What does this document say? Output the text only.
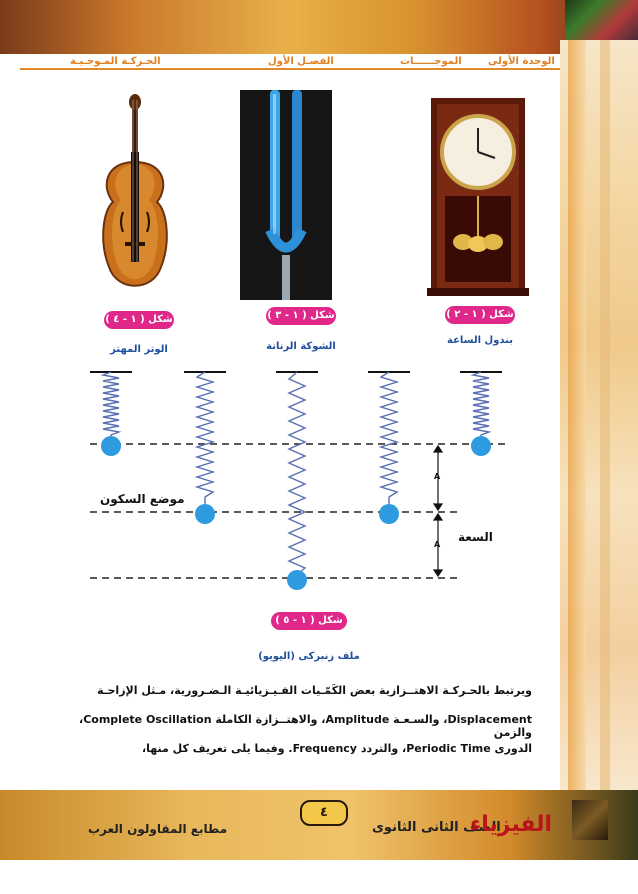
الوحدة الأولى
الموجــــــات
الفصـل الأول
الحـركـة المـوجـيـة
شكل ( ١ - ٤ )	شكل ( ١ - ٣ )	شكل ( ١ - ٢ )
الوتر المهتز	الشوكة الرنانة
بندول الساعة
A
A
موضع السكون
السعة
شكل ( ١ - ٥ )
ملف زنبركى (اليويو)
ويرتبط بالحـركـة الاهتــزازية بعض الكَمّـيات الفـيـزيائيـة الـضـرورية، مـثل الإزاحـة
Displacement، والسـعـة Amplitude، والاهتــزازة الكاملة Complete Oscillation، والزمن
الدورى Periodic Time، والتردد Frequency. وفيما يلى تعريف كل منها،
٤
مطابع المقاولون العرب	الصف الثانى الثانوى
الفيزياء
